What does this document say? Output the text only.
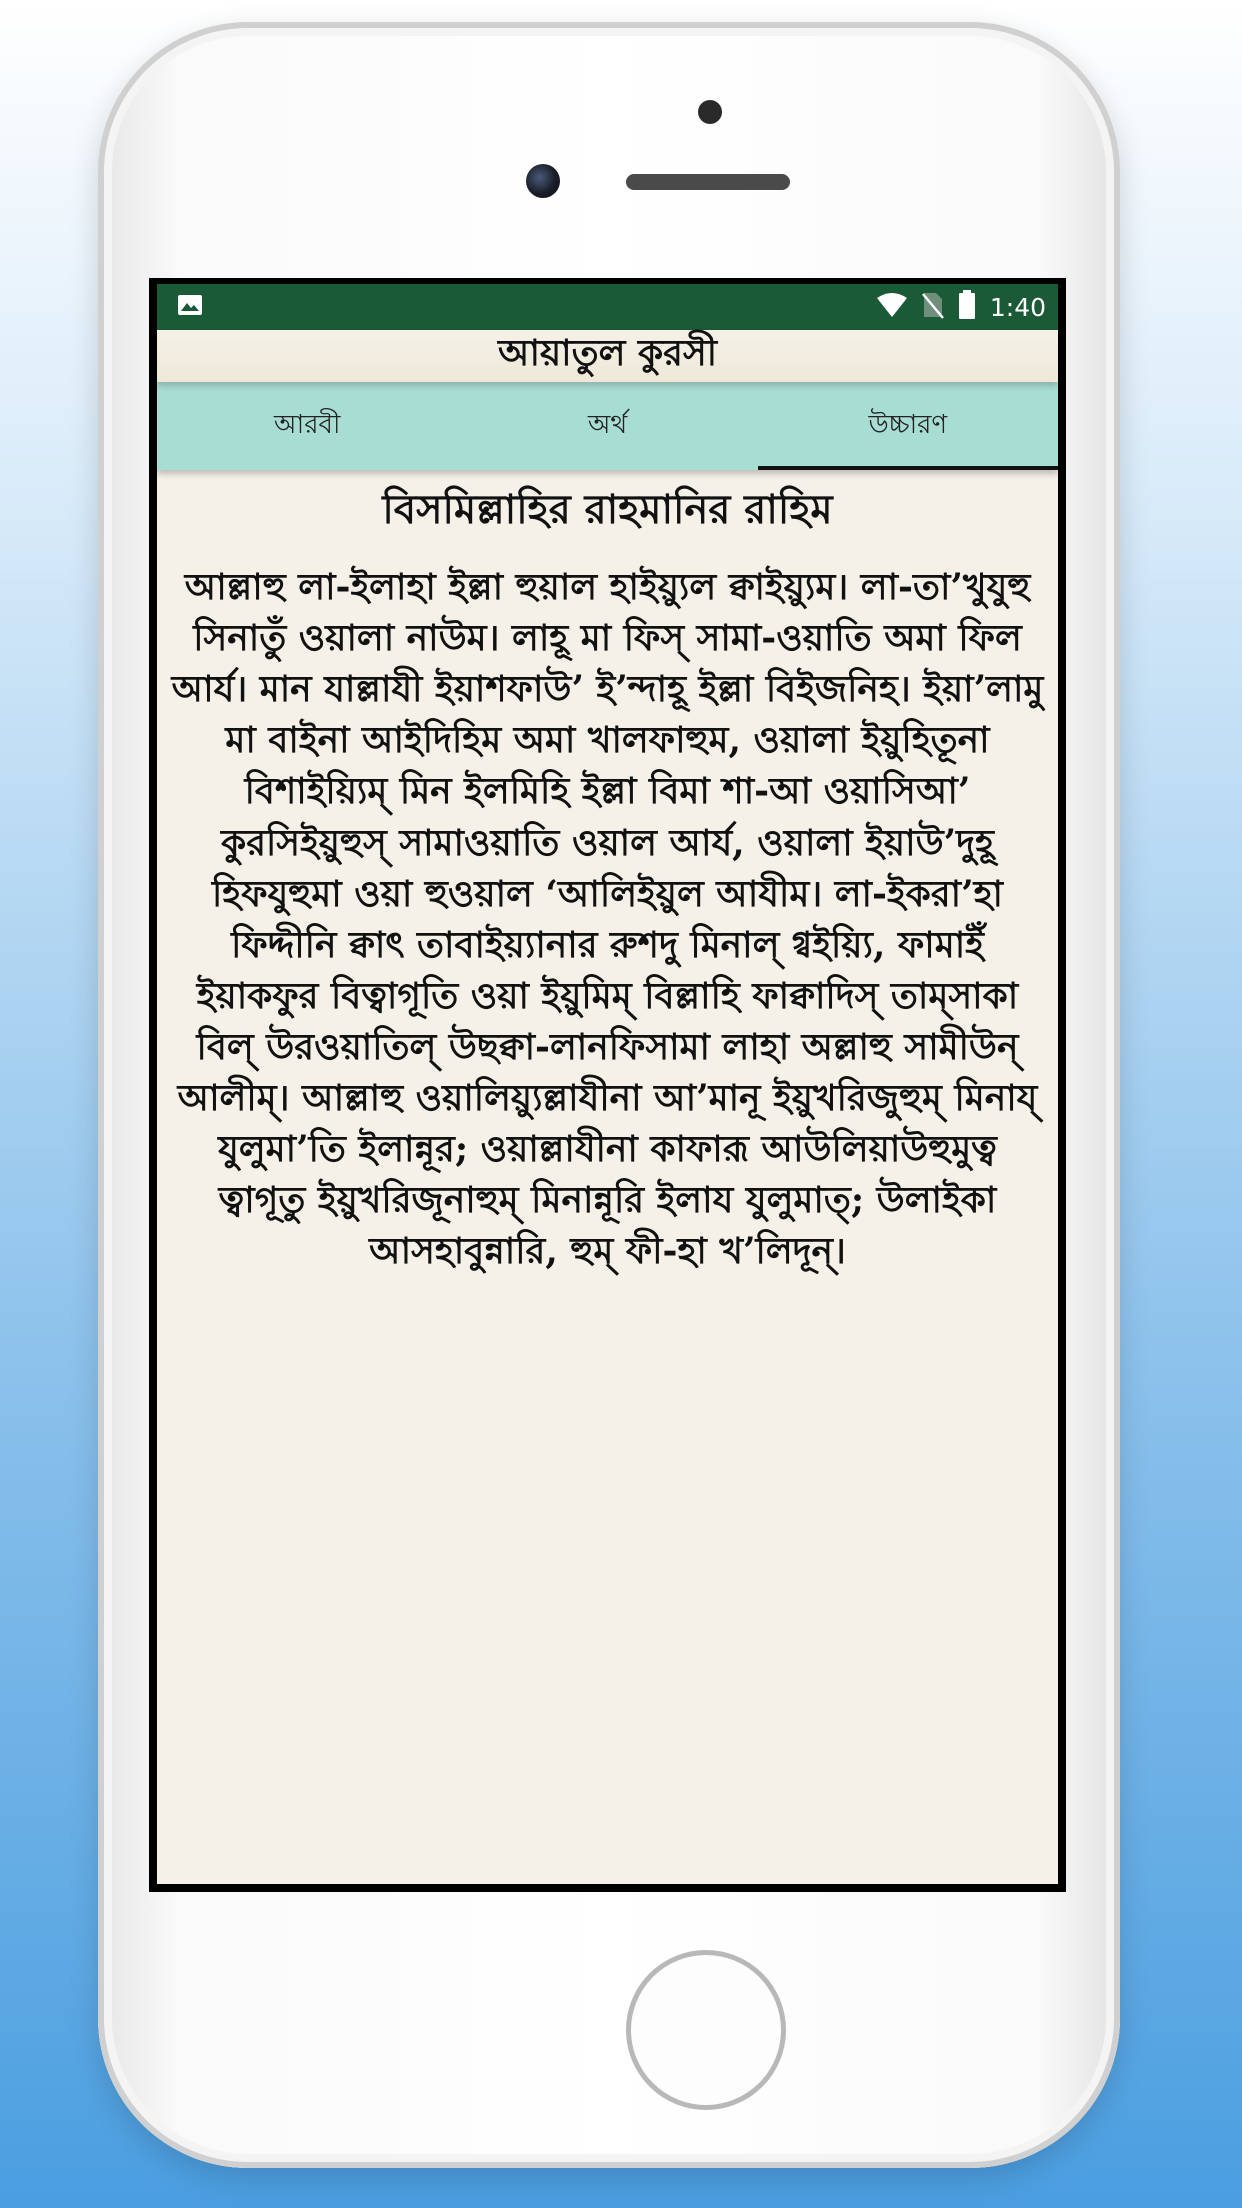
1:40
আয়াতুল কুরসী
আরবী	অর্থ	উচ্চারণ
বিসমিল্লাহির রাহমানির রাহিম

আল্লাহু লা-ইলাহা ইল্লা হুয়াল হাইয়্যুল ক্বাইয়্যুম। লা-তা’খুযুহু সিনাতুঁ ওয়ালা নাউম। লাহূ মা ফিস্ সামা-ওয়াতি অমা ফিল আর্য। মান যাল্লাযী ইয়াশফাউ’ ই’ন্দাহূ ইল্লা বিইজনিহ। ইয়া’লামু মা বাইনা আইদিহিম অমা খালফাহুম, ওয়ালা ইয়ুহিতূনা বিশাইয়্যিম্ মিন ইলমিহি ইল্লা বিমা শা-আ ওয়াসিআ’ কুরসিইয়ুহুস্ সামাওয়াতি ওয়াল আর্য, ওয়ালা ইয়াউ’দুহূ হিফযুহুমা ওয়া হুওয়াল ‘আলিইয়ুল আযীম। লা-ইকরা’হা ফিদ্দীনি ক্বাৎ তাবাইয়্যানার রুশদু মিনাল্ গ্বইয়্যি, ফামাইঁ ইয়াকফুর বিত্বাগূতি ওয়া ইয়ুমিম্ বিল্লাহি ফাক্বাদিস্ তাম্সাকা বিল্ উরওয়াতিল্ উছক্বা-লানফিসামা লাহা অল্লাহু সামীউন্ আলীম্। আল্লাহু ওয়ালিয়্যুল্লাযীনা আ’মানূ ইয়ুখরিজুহুম্ মিনায্ যুলুমা’তি ইলান্নূর; ওয়াল্লাযীনা কাফারূ আউলিয়াউহুমুত্ব ত্বাগূতু ইয়ুখরিজূনাহুম্ মিনান্নূরি ইলায যুলুমাত্; উলাইকা আসহাবুন্নারি, হুম্ ফী-হা খ’লিদূন্।
